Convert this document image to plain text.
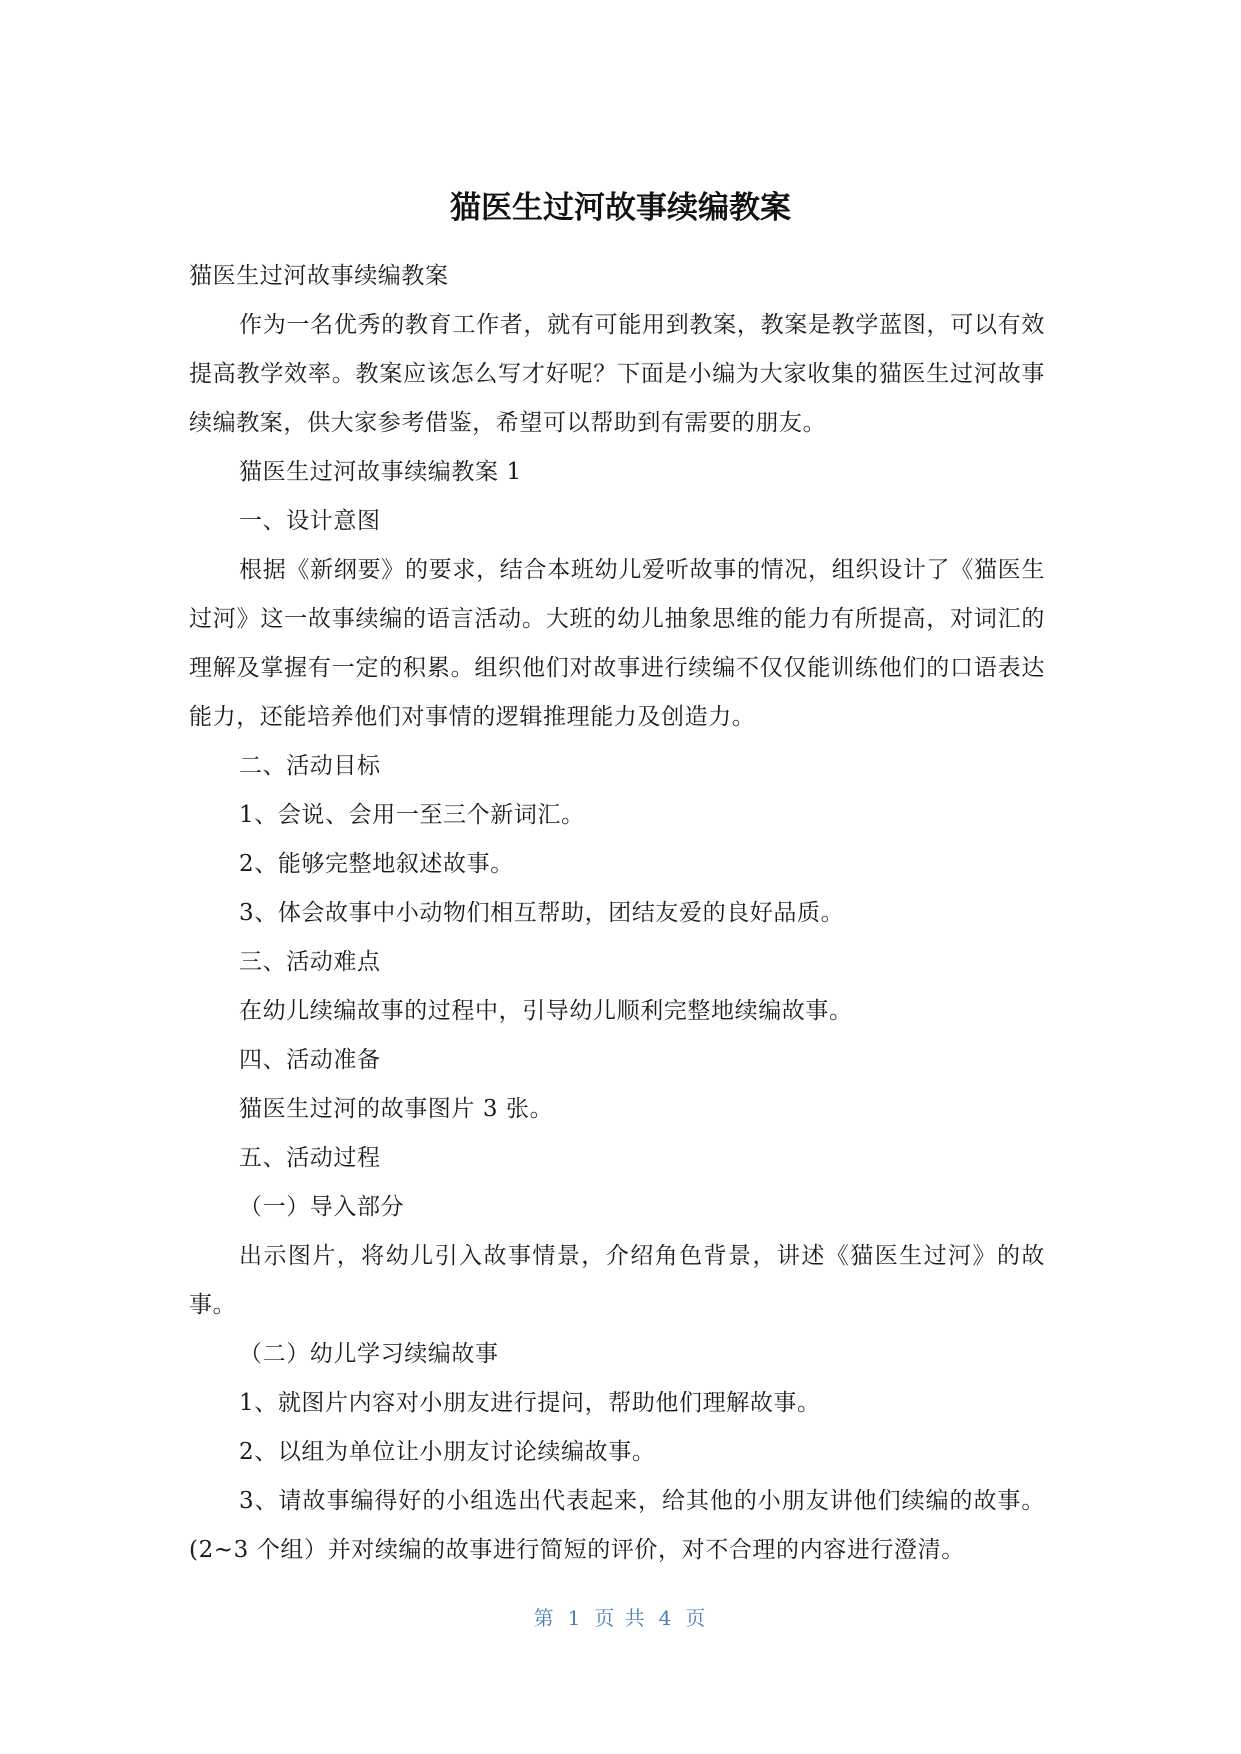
猫医生过河故事续编教案

猫医生过河故事续编教案

作为一名优秀的教育工作者，就有可能用到教案，教案是教学蓝图，可以有效提高教学效率。教案应该怎么写才好呢？下面是小编为大家收集的猫医生过河故事续编教案，供大家参考借鉴，希望可以帮助到有需要的朋友。

猫医生过河故事续编教案 1

一、设计意图

根据《新纲要》的要求，结合本班幼儿爱听故事的情况，组织设计了《猫医生过河》这一故事续编的语言活动。大班的幼儿抽象思维的能力有所提高，对词汇的理解及掌握有一定的积累。组织他们对故事进行续编不仅仅能训练他们的口语表达能力，还能培养他们对事情的逻辑推理能力及创造力。

二、活动目标

1、会说、会用一至三个新词汇。

2、能够完整地叙述故事。

3、体会故事中小动物们相互帮助，团结友爱的良好品质。

三、活动难点

在幼儿续编故事的过程中，引导幼儿顺利完整地续编故事。

四、活动准备

猫医生过河的故事图片 3 张。

五、活动过程

（一）导入部分

出示图片，将幼儿引入故事情景，介绍角色背景，讲述《猫医生过河》的故事。

（二）幼儿学习续编故事

1、就图片内容对小朋友进行提问，帮助他们理解故事。

2、以组为单位让小朋友讨论续编故事。

3、请故事编得好的小组选出代表起来，给其他的小朋友讲他们续编的故事。(2~3 个组）并对续编的故事进行简短的评价，对不合理的内容进行澄清。

第 1 页 共 4 页
